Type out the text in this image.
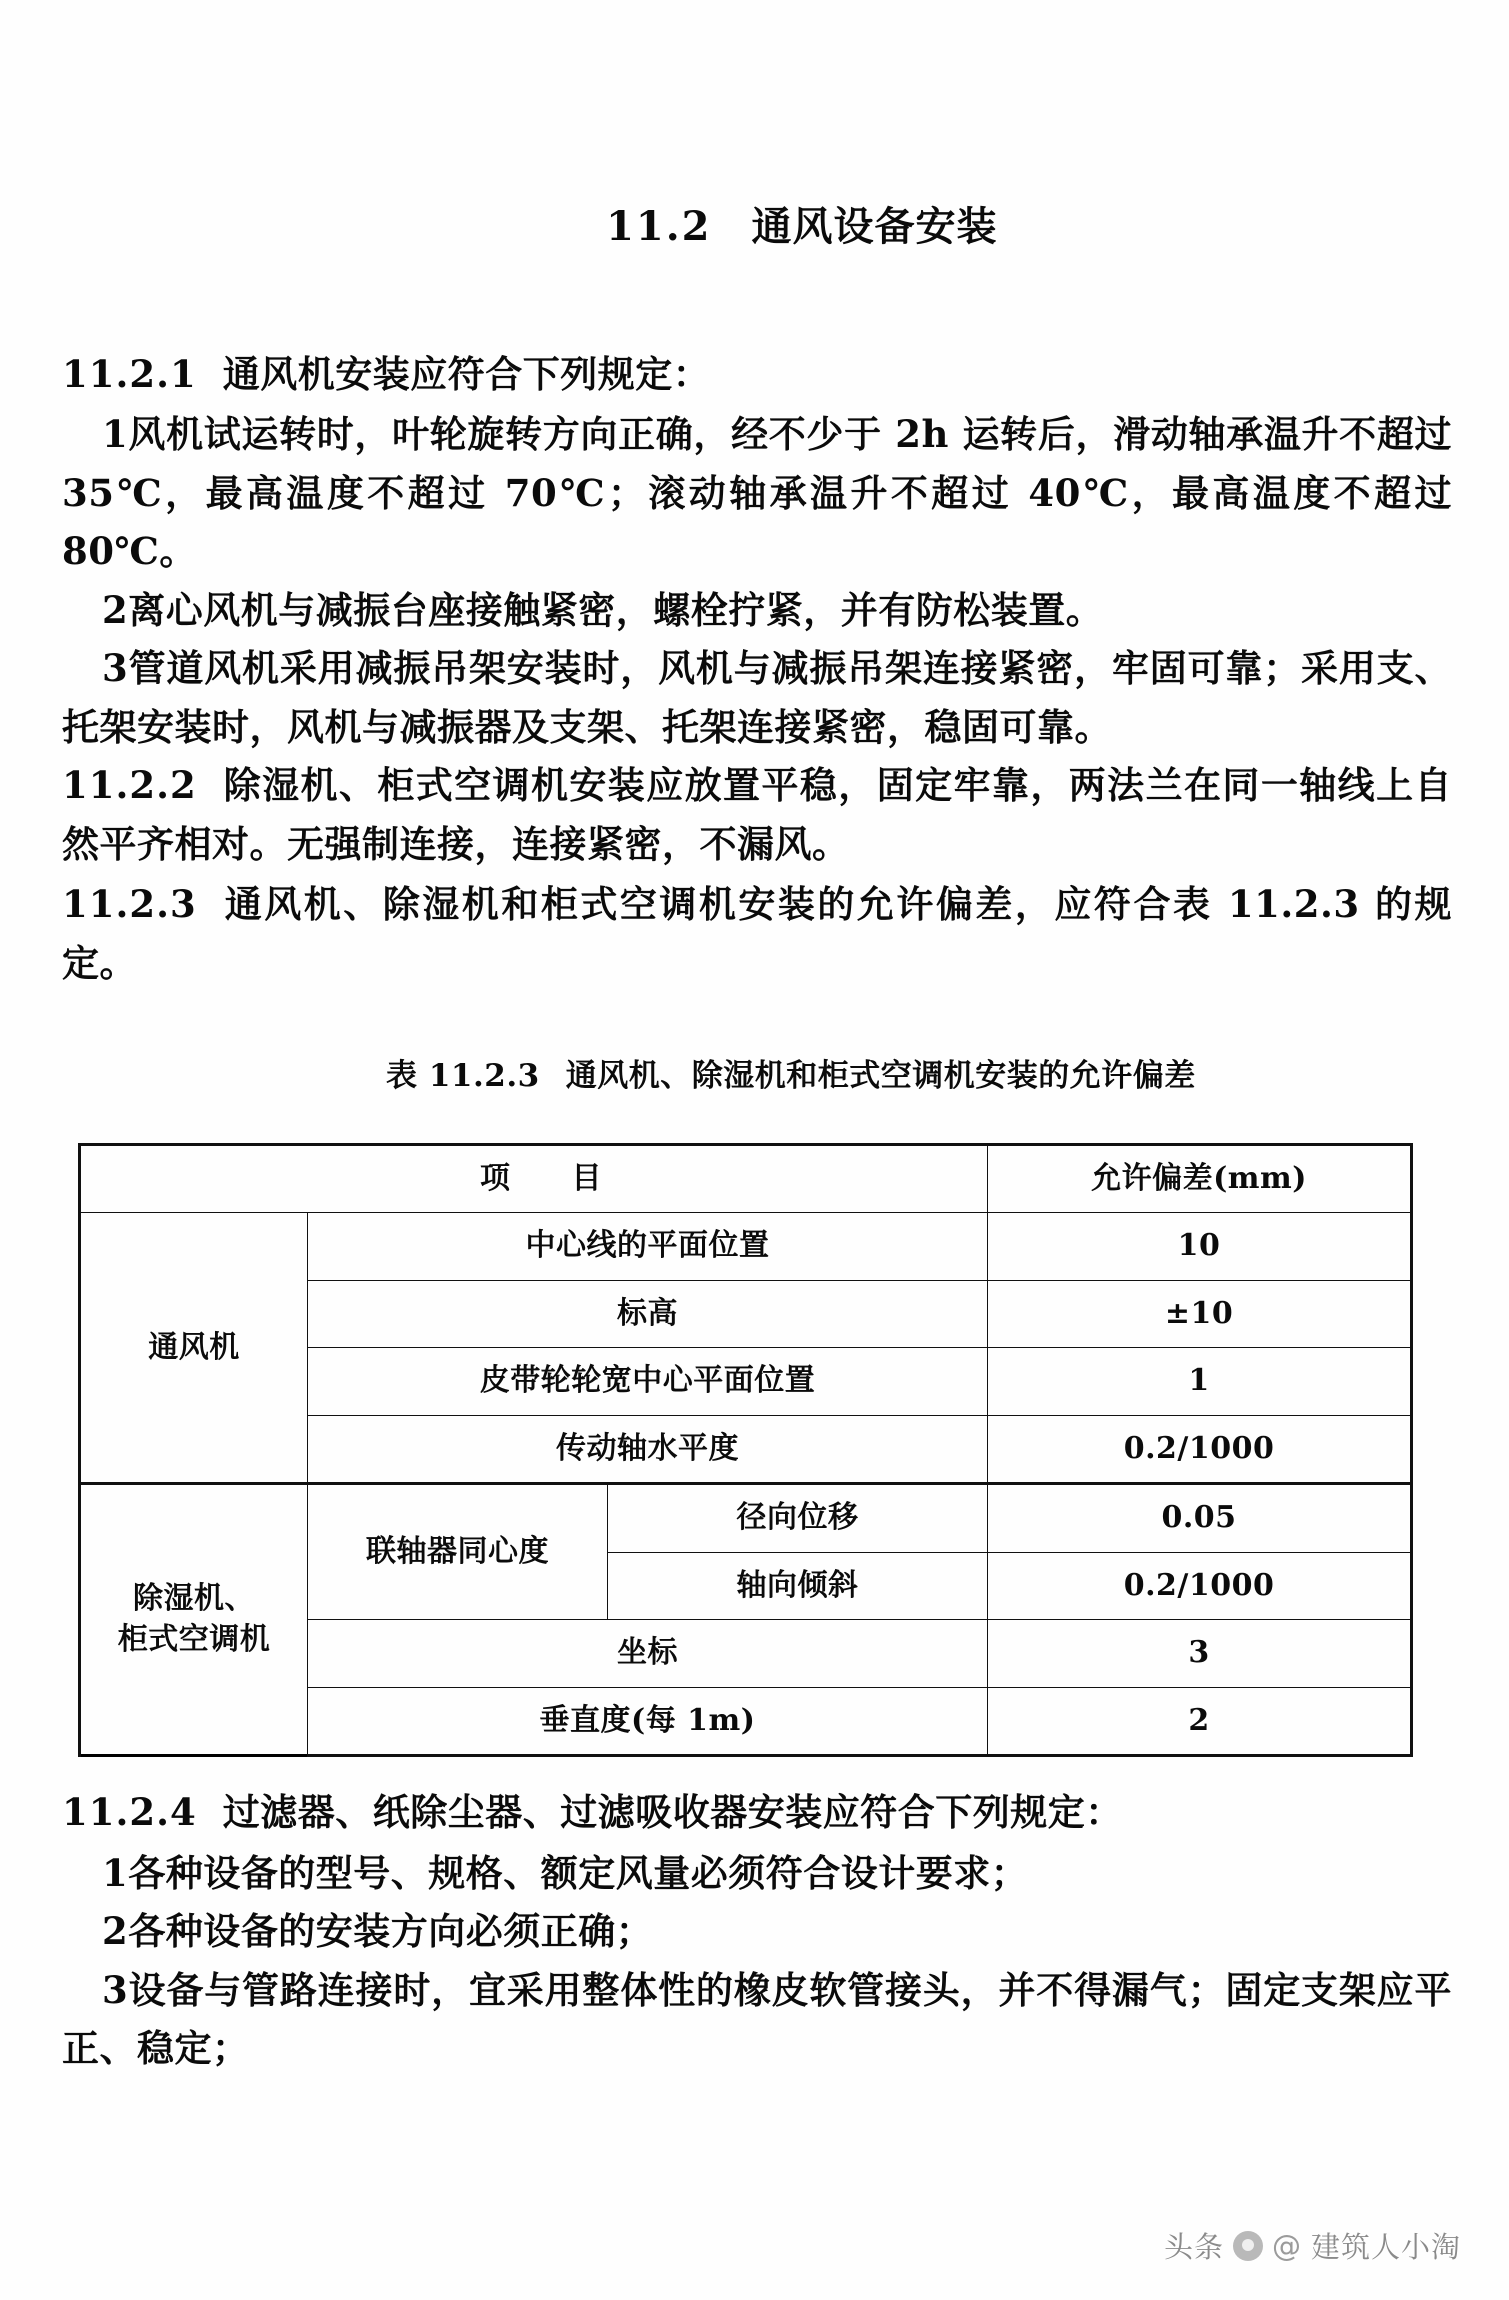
11.2 通风设备安装

11.2.1 通风机安装应符合下列规定：
1风机试运转时，叶轮旋转方向正确，经不少于 2h 运转后，滑动轴承温升不超过 35℃，最高温度不超过 70℃；滚动轴承温升不超过 40℃，最高温度不超过 80℃。
2离心风机与减振台座接触紧密，螺栓拧紧，并有防松装置。
3管道风机采用减振吊架安装时，风机与减振吊架连接紧密，牢固可靠；采用支、托架安装时，风机与减振器及支架、托架连接紧密，稳固可靠。
11.2.2 除湿机、柜式空调机安装应放置平稳，固定牢靠，两法兰在同一轴线上自然平齐相对。无强制连接，连接紧密，不漏风。
11.2.3 通风机、除湿机和柜式空调机安装的允许偏差，应符合表 11.2.3 的规定。

表 11.2.3 通风机、除湿机和柜式空调机安装的允许偏差

项　　目			允许偏差(mm)
通风机	中心线的平面位置		10
	标高		±10
	皮带轮轮宽中心平面位置		1
	传动轴水平度		0.2/1000

除湿机、
柜式空调机	联轴器同心度	径向位移	0.05
		轴向倾斜	0.2/1000
	坐标		3
	垂直度(每 1m)		2
11.2.4 过滤器、纸除尘器、过滤吸收器安装应符合下列规定：
1各种设备的型号、规格、额定风量必须符合设计要求；
2各种设备的安装方向必须正确；
3设备与管路连接时，宜采用整体性的橡皮软管接头，并不得漏气；固定支架应平正、稳定；
头条 @ 建筑人小淘
